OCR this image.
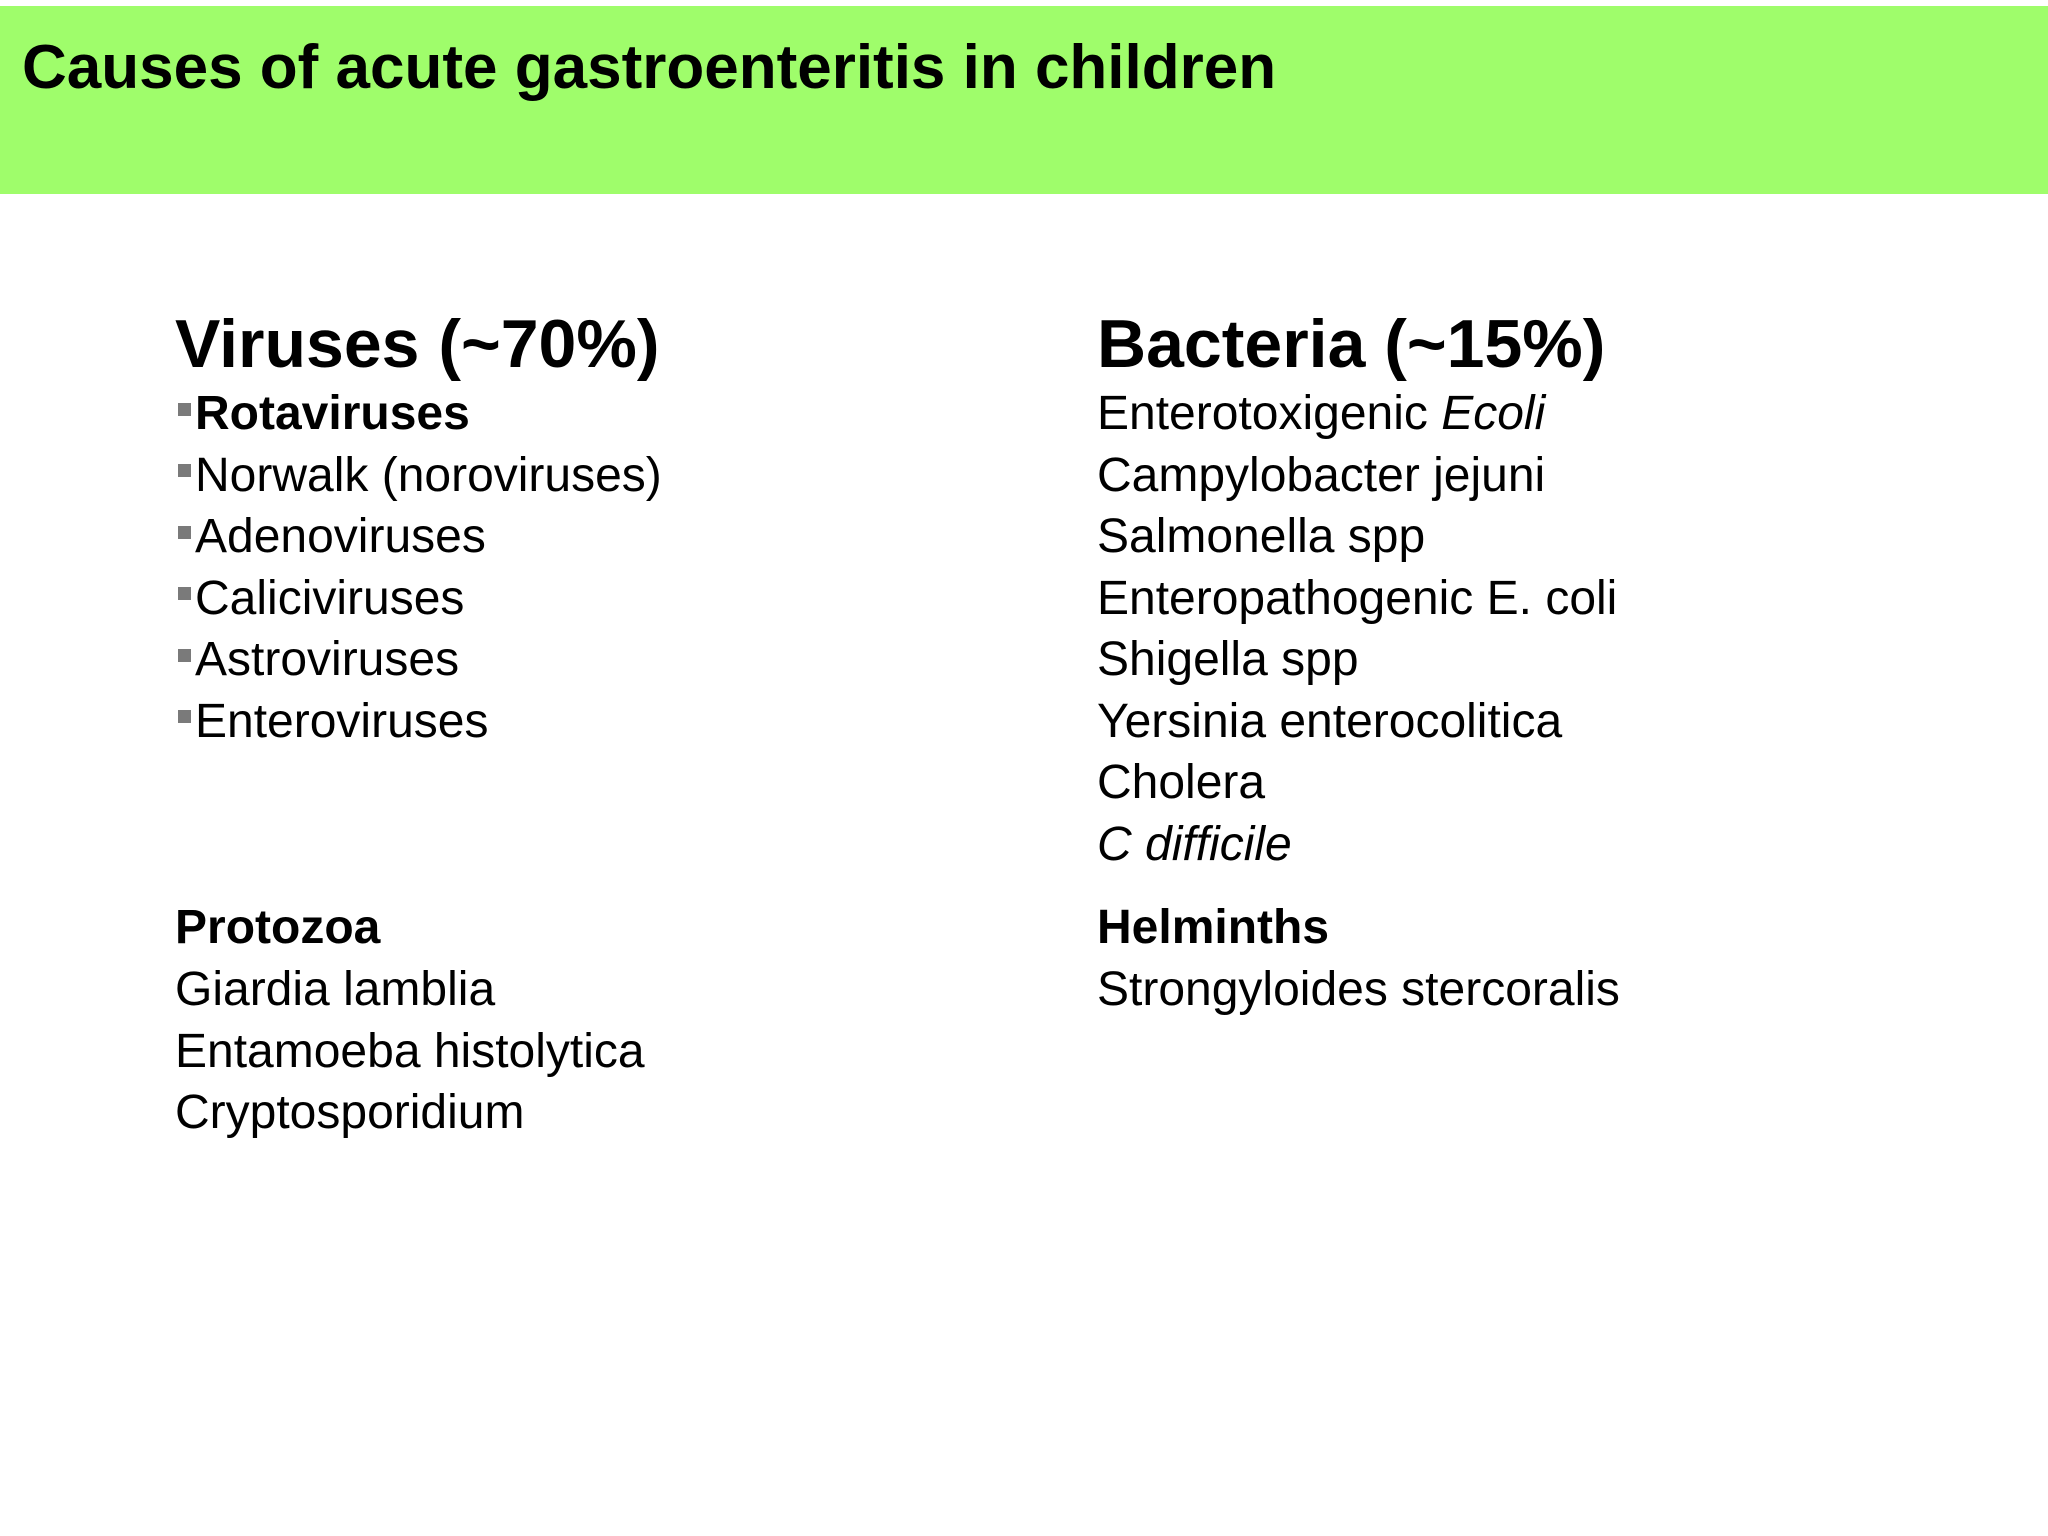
Causes of acute gastroenteritis in children
Viruses (~70%)
Rotaviruses
Norwalk (noroviruses)
Adenoviruses
Caliciviruses
Astroviruses
Enteroviruses
Bacteria (~15%)
Enterotoxigenic Ecoli
Campylobacter jejuni
Salmonella spp
Enteropathogenic E. coli
Shigella spp
Yersinia enterocolitica
Cholera
C difficile
Protozoa
Giardia lamblia
Entamoeba histolytica
Cryptosporidium
Helminths
Strongyloides stercoralis
